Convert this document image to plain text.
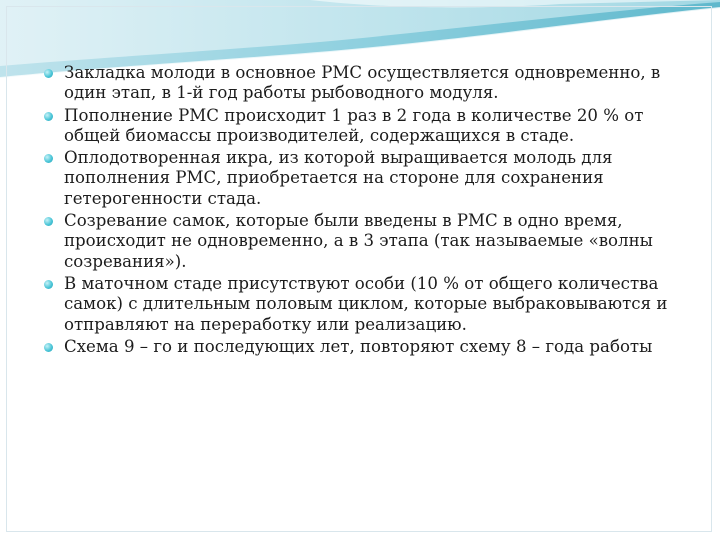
Закладка молоди в основное РМС осуществляется одновременно, в один этап, в 1-й год работы рыбоводного модуля.
Пополнение РМС происходит 1 раз в 2 года в количестве 20 % от общей биомассы производителей, содержащихся в стаде.
Оплодотворенная икра, из которой выращивается молодь для пополнения РМС, приобретается на стороне для сохранения гетерогенности стада.
Созревание самок, которые были введены в РМС в одно время, происходит не одновременно, а в 3 этапа (так называемые «волны созревания»).
В маточном стаде присутствуют особи (10 % от общего количества самок) с длительным половым циклом, которые выбраковываются и отправляют на переработку или реализацию.
Схема 9 – го и последующих лет, повторяют схему 8 – года работы
